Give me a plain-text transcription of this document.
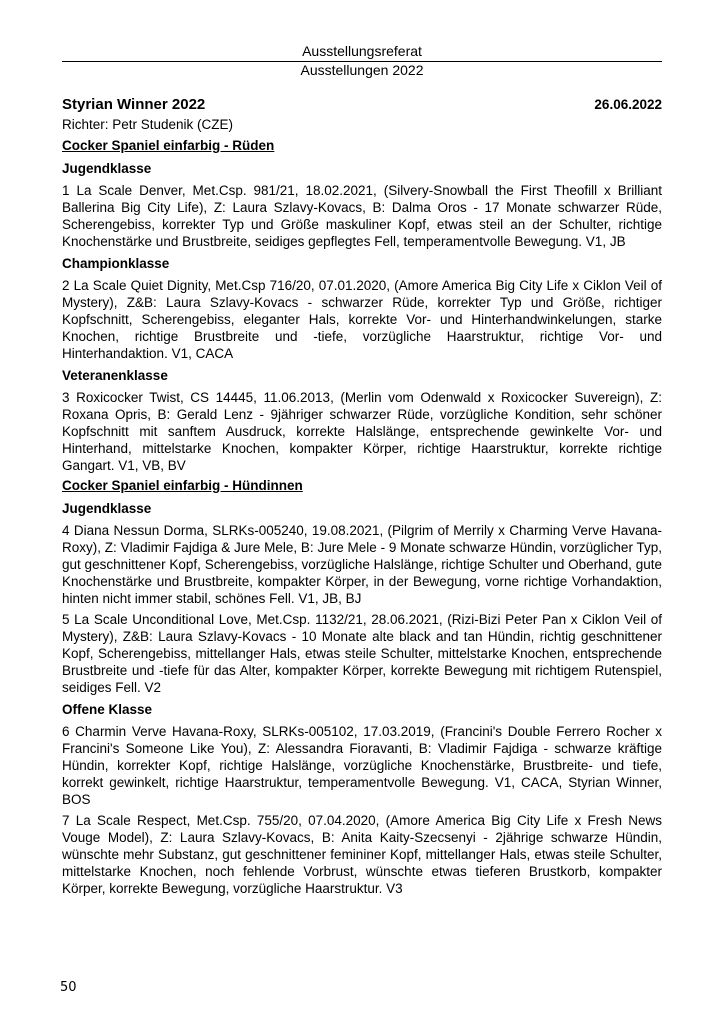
Ausstellungsreferat
Ausstellungen 2022
Styrian Winner 2022	26.06.2022
Richter: Petr Studenik (CZE)
Cocker Spaniel einfarbig - Rüden
Jugendklasse
1 La Scale Denver, Met.Csp. 981/21, 18.02.2021, (Silvery-Snowball the First Theofill x Brilliant Ballerina Big City Life), Z: Laura Szlavy-Kovacs, B: Dalma Oros - 17 Monate schwarzer Rüde, Scherengebiss, korrekter Typ und Größe maskuliner Kopf, etwas steil an der Schulter, richtige Knochenstärke und Brustbreite, seidiges gepflegtes Fell, temperamentvolle Bewegung. V1, JB
Championklasse
2 La Scale Quiet Dignity, Met.Csp 716/20, 07.01.2020, (Amore America Big City Life x Ciklon Veil of Mystery), Z&B: Laura Szlavy-Kovacs - schwarzer Rüde, korrekter Typ und Größe, richtiger Kopfschnitt, Scherengebiss, eleganter Hals, korrekte Vor- und Hinterhandwinkelungen, starke Knochen, richtige Brustbreite und -tiefe, vorzügliche Haarstruktur, richtige Vor- und Hinterhandaktion. V1, CACA
Veteranenklasse
3 Roxicocker Twist, CS 14445, 11.06.2013, (Merlin vom Odenwald x Roxicocker Suvereign), Z: Roxana Opris, B: Gerald Lenz - 9jähriger schwarzer Rüde, vorzügliche Kondition, sehr schöner Kopfschnitt mit sanftem Ausdruck, korrekte Halslänge, entsprechende gewinkelte Vor- und Hinterhand, mittelstarke Knochen, kompakter Körper, richtige Haarstruktur, korrekte richtige Gangart. V1, VB, BV
Cocker Spaniel einfarbig - Hündinnen
Jugendklasse
4 Diana Nessun Dorma, SLRKs-005240, 19.08.2021, (Pilgrim of Merrily x Charming Verve Havana-Roxy), Z: Vladimir Fajdiga & Jure Mele, B: Jure Mele - 9 Monate schwarze Hündin, vorzüglicher Typ, gut geschnittener Kopf, Scherengebiss, vorzügliche Halslänge, richtige Schulter und Oberhand, gute Knochenstärke und Brustbreite, kompakter Körper, in der Bewegung, vorne richtige Vorhandaktion, hinten nicht immer stabil, schönes Fell. V1, JB, BJ
5 La Scale Unconditional Love, Met.Csp. 1132/21, 28.06.2021, (Rizi-Bizi Peter Pan x Ciklon Veil of Mystery), Z&B: Laura Szlavy-Kovacs - 10 Monate alte black and tan Hündin, richtig geschnittener Kopf, Scherengebiss, mittellanger Hals, etwas steile Schulter, mittelstarke Knochen, entsprechende Brustbreite und -tiefe für das Alter, kompakter Körper, korrekte Bewegung mit richtigem Rutenspiel, seidiges Fell. V2
Offene Klasse
6 Charmin Verve Havana-Roxy, SLRKs-005102, 17.03.2019, (Francini's Double Ferrero Rocher x Francini's Someone Like You), Z: Alessandra Fioravanti, B: Vladimir Fajdiga - schwarze kräftige Hündin, korrekter Kopf, richtige Halslänge, vorzügliche Knochenstärke, Brustbreite- und tiefe, korrekt gewinkelt, richtige Haarstruktur, temperamentvolle Bewegung. V1, CACA, Styrian Winner, BOS
7 La Scale Respect, Met.Csp. 755/20, 07.04.2020, (Amore America Big City Life x Fresh News Vouge Model), Z: Laura Szlavy-Kovacs, B: Anita Kaity-Szecsenyi - 2jährige schwarze Hündin, wünschte mehr Substanz, gut geschnittener femininer Kopf, mittellanger Hals, etwas steile Schulter, mittelstarke Knochen, noch fehlende Vorbrust, wünschte etwas tieferen Brustkorb, kompakter Körper, korrekte Bewegung, vorzügliche Haarstruktur. V3
50
